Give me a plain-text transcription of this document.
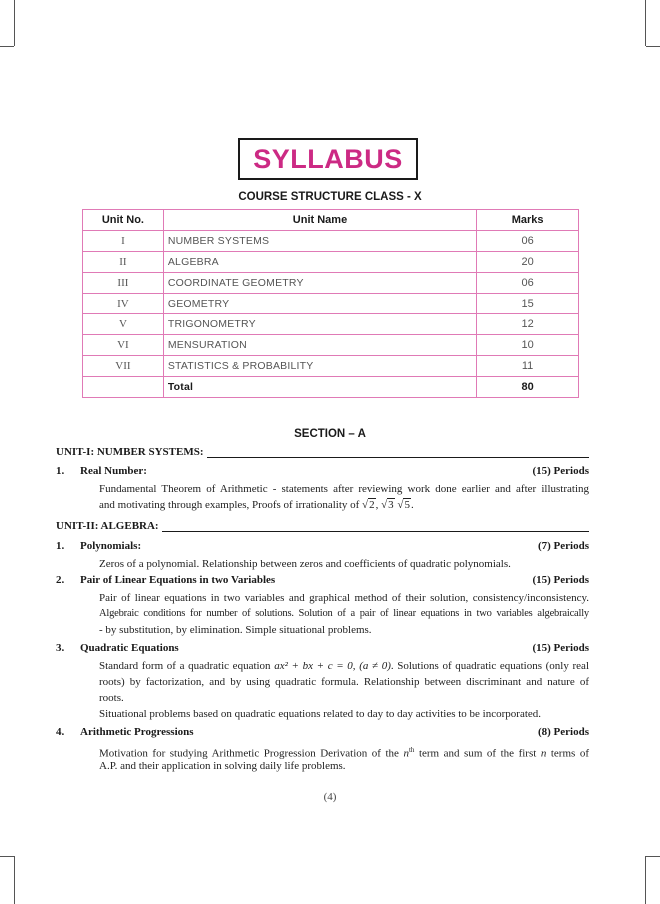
SYLLABUS
COURSE STRUCTURE CLASS - X
Unit No.	Unit Name	Marks
I	NUMBER SYSTEMS	06
II	ALGEBRA	20
III	COORDINATE GEOMETRY	06
IV	GEOMETRY	15
V	TRIGONOMETRY	12
VI	MENSURATION	10
VII	STATISTICS & PROBABILITY	11
	Total	80
SECTION – A
UNIT-I: NUMBER SYSTEMS:
1. Real Number:	(15) Periods
Fundamental Theorem of Arithmetic - statements after reviewing work done earlier and after illustrating
and motivating through examples, Proofs of irrationality of √2, √3 √5.
UNIT-II: ALGEBRA:
1. Polynomials:	(7) Periods
Zeros of a polynomial. Relationship between zeros and coefficients of quadratic polynomials.
2. Pair of Linear Equations in two Variables	(15) Periods
Pair of linear equations in two variables and graphical method of their solution, consistency/inconsistency.
Algebraic conditions for number of solutions. Solution of a pair of linear equations in two variables algebraically
- by substitution, by elimination. Simple situational problems.
3. Quadratic Equations	(15) Periods
Standard form of a quadratic equation ax² + bx + c = 0, (a ≠ 0). Solutions of quadratic equations (only real
roots) by factorization, and by using quadratic formula. Relationship between discriminant and nature of
roots.
Situational problems based on quadratic equations related to day to day activities to be incorporated.
4. Arithmetic Progressions	(8) Periods
Motivation for studying Arithmetic Progression Derivation of the $n^{th}$ term and sum of the first n terms of
A.P. and their application in solving daily life problems.
(4)
